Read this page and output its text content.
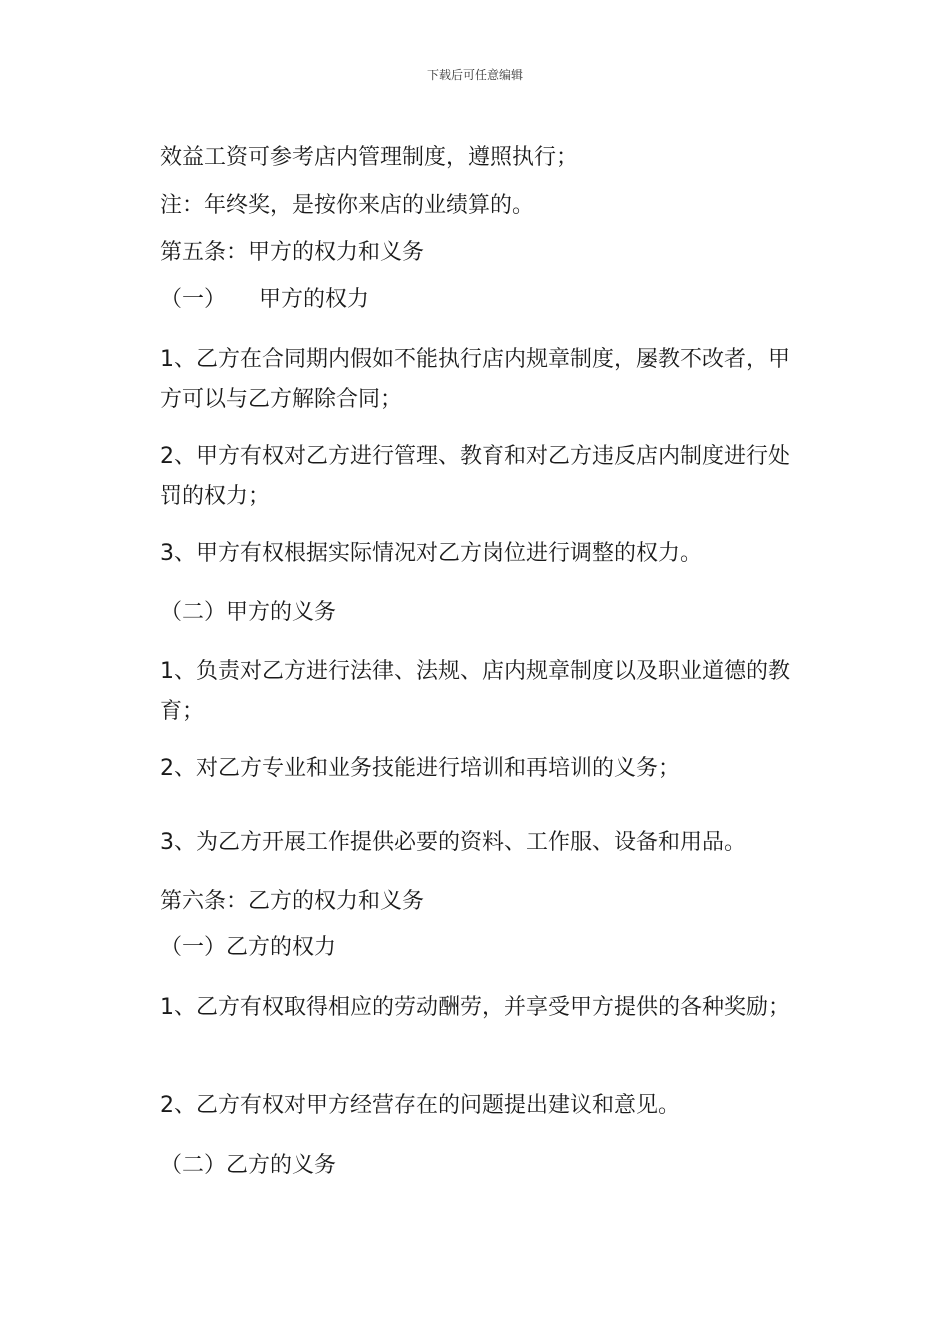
下载后可任意编辑
效益工资可参考店内管理制度，遵照执行；
注：年终奖，是按你来店的业绩算的。
第五条：甲方的权力和义务
（一）　　甲方的权力
1、乙方在合同期内假如不能执行店内规章制度，屡教不改者，甲方可以与乙方解除合同；
2、甲方有权对乙方进行管理、教育和对乙方违反店内制度进行处罚的权力；
3、甲方有权根据实际情况对乙方岗位进行调整的权力。
（二）甲方的义务
1、负责对乙方进行法律、法规、店内规章制度以及职业道德的教育；
2、对乙方专业和业务技能进行培训和再培训的义务；
3、为乙方开展工作提供必要的资料、工作服、设备和用品。
第六条：乙方的权力和义务
（一）乙方的权力
1、乙方有权取得相应的劳动酬劳，并享受甲方提供的各种奖励；
2、乙方有权对甲方经营存在的问题提出建议和意见。
（二）乙方的义务
